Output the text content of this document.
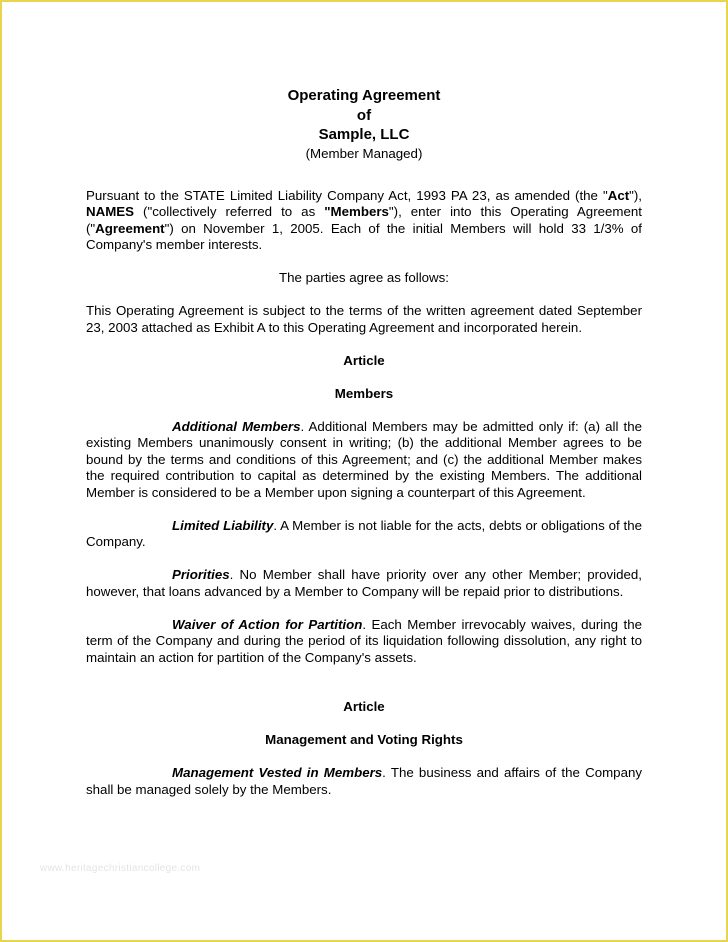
Operating Agreement
of
Sample, LLC
(Member Managed)

Pursuant to the STATE Limited Liability Company Act, 1993 PA 23, as amended (the "Act"), NAMES ("collectively referred to as "Members"), enter into this Operating Agreement ("Agreement") on November 1, 2005. Each of the initial Members will hold 33 1/3% of Company's member interests.

The parties agree as follows:

This Operating Agreement is subject to the terms of the written agreement dated September 23, 2003 attached as Exhibit A to this Operating Agreement and incorporated herein.

Article

Members

Additional Members. Additional Members may be admitted only if: (a) all the existing Members unanimously consent in writing; (b) the additional Member agrees to be bound by the terms and conditions of this Agreement; and (c) the additional Member makes the required contribution to capital as determined by the existing Members. The additional Member is considered to be a Member upon signing a counterpart of this Agreement.

Limited Liability. A Member is not liable for the acts, debts or obligations of the Company.

Priorities. No Member shall have priority over any other Member; provided, however, that loans advanced by a Member to Company will be repaid prior to distributions.

Waiver of Action for Partition. Each Member irrevocably waives, during the term of the Company and during the period of its liquidation following dissolution, any right to maintain an action for partition of the Company's assets.

Article

Management and Voting Rights

Management Vested in Members. The business and affairs of the Company shall be managed solely by the Members.

www.heritagechristiancollege.com
